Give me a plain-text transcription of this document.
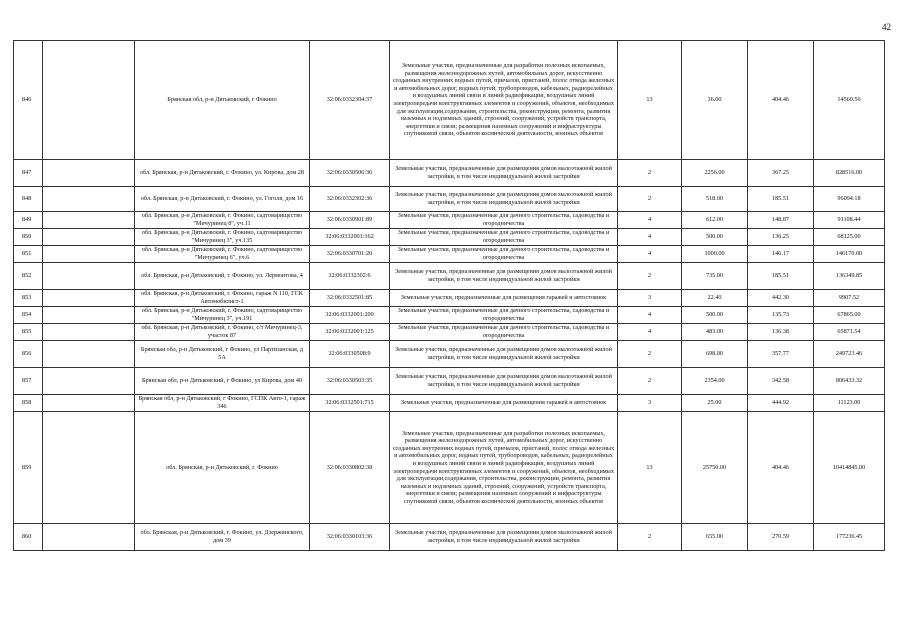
42
846		Брянская обл, р-н Дятьковский, г Фокино	32:06:0332304:37	Земельные участки, предназначенные для разработки полезных ископаемых, размещения железнодорожных путей, автомобильных дорог, искусственно созданных внутренних водных путей, причалов, пристаней, полос отвода железных и автомобильных дорог, водных путей, трубопроводов, кабельных, радиорелейных и воздушных линий связи и линий радиофикации, воздушных линий электропередачи конструктивных элементов и сооружений, объектов, необходимых для эксплуатации,содержания, строительства, реконструкции, ремонта, развития наземных и подземных зданий, строений, сооружений, устройств транспорта, энергетики и связи; размещения наземных сооружений и инфраструктуры спутниковой связи, объектов космической деятельности, военных объектов	13	36.00	404.46	14560.56
847		обл. Брянская, р-н Дятьковский, г. Фокино, ул. Кирова, дом 28	32:06:0330506:36	Земельные участки, предназначенные для размещения домов малоэтажной жилой застройки, в том числе индивидуальной жилой застройки	2	2256.00	367.25	828516.00
848		обл. Брянская, р-н Дятьковский, г. Фокино, ул. Гоголя, дом 16	32:06:0332302:36	Земельные участки, предназначенные для размещения домов малоэтажной жилой застройки, в том числе индивидуальной жилой застройки	2	518.00	185.51	96094.18
849		обл. Брянская, р-н Дятьковский, г. Фокино, садтоварищество "Мичуринец 8", уч.11	32:06:0330901:89	Земельные участки, предназначенные для дачного строительства, садоводства и огородничества	4	612.00	148.87	91108.44
850		обл. Брянская, р-н Дятьковский, г. Фокино, садтоварищество "Мичуринец 3", уч.135	32:06:0332001:162	Земельные участки, предназначенные для дачного строительства, садоводства и огородничества	4	500.00	136.25	68125.00
851		обл. Брянская, р-н Дятьковский, г. Фокино, садтоварищество "Мичуринец 6", уч.6	32:06:0330701:20	Земельные участки, предназначенные для дачного строительства, садоводства и огородничества	4	1000.00	146.17	146170.00
852		обл. Брянская, р-н Дятьковский, г. Фокино, ул. Лермонтова, 4	32:06:0332302:6	Земельные участки, предназначенные для размещения домов малоэтажной жилой застройки, в том числе индивидуальной жилой застройки	2	735.00	185.51	136349.85
853		обл. Брянская, р-н Дятьковский, г. Фокино, гараж N 110, ГСК Автомобилист-1	32:06:0332501:85	Земельные участки, предназначенные для размещения гаражей и автостоянок	3	22.40	442.30	9907.52
854		обл. Брянская, р-н Дятьковский, г. Фокино, садтоварищество "Мичуринец 3", уч.191	32:06:0332001:200	Земельные участки, предназначенные для дачного строительства, садоводства и огородничества	4	500.00	135.73	67865.00
855		обл. Брянская, р-н Дятьковский, г. Фокино, с/т Мичуринец-3, участок 87	32:06:0332001:125	Земельные участки, предназначенные для дачного строительства, садоводства и огородничества	4	483.00	136.38	65871.54
856		Брянская обл, р-н Дятьковский, г Фокино, ул Партизанская, д 5А	32:06:0330508:9	Земельные участки, предназначенные для размещения домов малоэтажной жилой застройки, в том числе индивидуальной жилой застройки	2	698.00	357.77	249723.46
857		Брянская обл, р-н Дятьковский, г Фокино, ул Кирова, дом 40	32:06:0330503:35	Земельные участки, предназначенные для размещения домов малоэтажной жилой застройки, в том числе индивидуальной жилой застройки	2	2354.00	342.58	806433.32
858		Брянская обл, р-н Дятьковский, г Фокино, ГСПК Авто-1, гараж 346	32:06:0332501:715	Земельные участки, предназначенные для размещения гаражей и автостоянок	3	25.00	444.92	11123.00
859		обл. Брянская, р-н Дятьковский, г. Фокино	32:06:0330802:38	Земельные участки, предназначенные для разработки полезных ископаемых, размещения железнодорожных путей, автомобильных дорог, искусственно созданных внутренних водных путей, причалов, пристаней, полос отвода железных и автомобильных дорог, водных путей, трубопроводов, кабельных, радиорелейных и воздушных линий связи и линий радиофикации, воздушных линий электропередачи конструктивных элементов и сооружений, объектов, необходимых для эксплуатации,содержания, строительства, реконструкции, ремонта, развития наземных и подземных зданий, строений, сооружений, устройств транспорта, энергетики и связи; размещения наземных сооружений и инфраструктуры спутниковой связи, объектов космической деятельности, военных объектов	13	25750.00	404.46	10414845.00
860		обл. Брянская, р-н Дятьковский, г. Фокино, ул. Дзержинского, дом 39	32:06:0330103:36	Земельные участки, предназначенные для размещения домов малоэтажной жилой застройки, в том числе индивидуальной жилой застройки	2	655.00	270.59	177236.45
